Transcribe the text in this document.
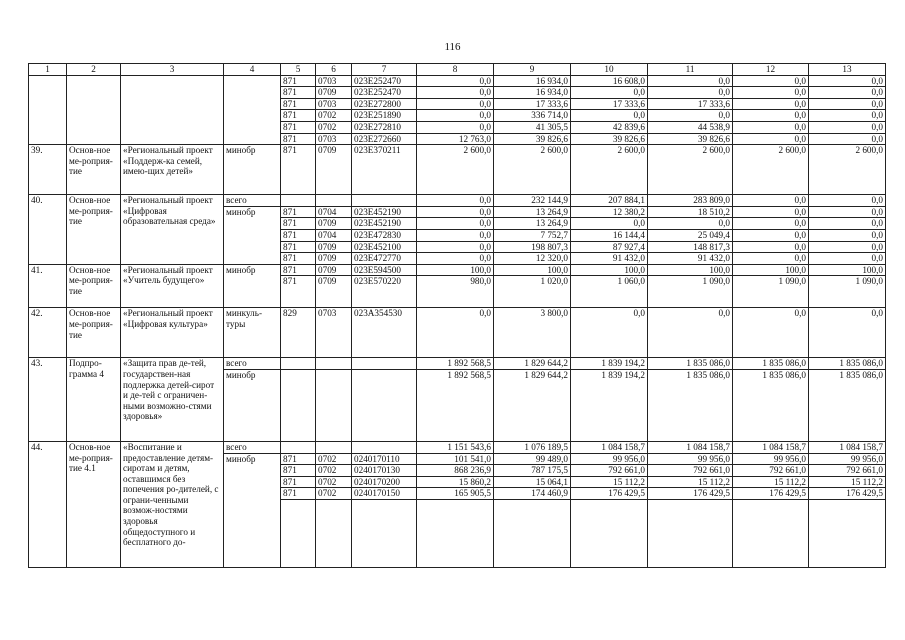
116
1	2	3	4	5	6	7	8	9	10	11	12	13
				871	0703	023E252470	0,0	16 934,0	16 608,0	0,0	0,0	0,0
				871	0709	023E252470	0,0	16 934,0	0,0	0,0	0,0	0,0
				871	0703	023E272800	0,0	17 333,6	17 333,6	17 333,6	0,0	0,0
				871	0702	023E251890	0,0	336 714,0	0,0	0,0	0,0	0,0
				871	0702	023E272810	0,0	41 305,5	42 839,6	44 538,9	0,0	0,0
				871	0703	023E272660	12 763,0	39 826,6	39 826,6	39 826,6	0,0	0,0
39.	Основ-ное ме-роприя-тие	«Региональный проект «Поддерж-ка семей, имею-щих детей»	минобр	871	0709	023E370211	2 600,0	2 600,0	2 600,0	2 600,0	2 600,0	2 600,0
40.	Основ-ное ме-роприя-тие	«Региональный проект «Цифровая образовательная среда»	всего				0,0	232 144,9	207 884,1	283 809,0	0,0	0,0
			минобр	871	0704	023E452190	0,0	13 264,9	12 380,2	18 510,2	0,0	0,0
				871	0709	023E452190	0,0	13 264,9	0,0	0,0	0,0	0,0
				871	0704	023E472830	0,0	7 752,7	16 144,4	25 049,4	0,0	0,0
				871	0709	023E452100	0,0	198 807,3	87 927,4	148 817,3	0,0	0,0
				871	0709	023E472770	0,0	12 320,0	91 432,0	91 432,0	0,0	0,0
41.	Основ-ное ме-роприя-тие	«Региональный проект «Учитель будущего»	минобр	871	0709	023E594500	100,0	100,0	100,0	100,0	100,0	100,0
				871	0709	023E570220	980,0	1 020,0	1 060,0	1 090,0	1 090,0	1 090,0
42.	Основ-ное ме-роприя-тие	«Региональный проект «Цифровая культура»	минкуль-туры	829	0703	023A354530	0,0	3 800,0	0,0	0,0	0,0	0,0
43.	Подпро-грамма 4	«Защита прав де-тей, государствен-ная подлержка детей-сирот и де-тей с ограничен-ными возможно-стями здоровья»	всего				1 892 568,5	1 829 644,2	1 839 194,2	1 835 086,0	1 835 086,0	1 835 086,0
			минобр				1 892 568,5	1 829 644,2	1 839 194,2	1 835 086,0	1 835 086,0	1 835 086,0
44.	Основ-ное ме-роприя-тие 4.1	«Воспитание и предоставление детям-сиротам и детям, оставшимся без попечения ро-дителей, с ограни-ченными возмож-ностями здоровья общедоступного и бесплатного до-	всего				1 151 543,6	1 076 189,5	1 084 158,7	1 084 158,7	1 084 158,7	1 084 158,7
			минобр	871	0702	0240170110	101 541,0	99 489,0	99 956,0	99 956,0	99 956,0	99 956,0
				871	0702	0240170130	868 236,9	787 175,5	792 661,0	792 661,0	792 661,0	792 661,0
				871	0702	0240170200	15 860,2	15 064,1	15 112,2	15 112,2	15 112,2	15 112,2
				871	0702	0240170150	165 905,5	174 460,9	176 429,5	176 429,5	176 429,5	176 429,5
